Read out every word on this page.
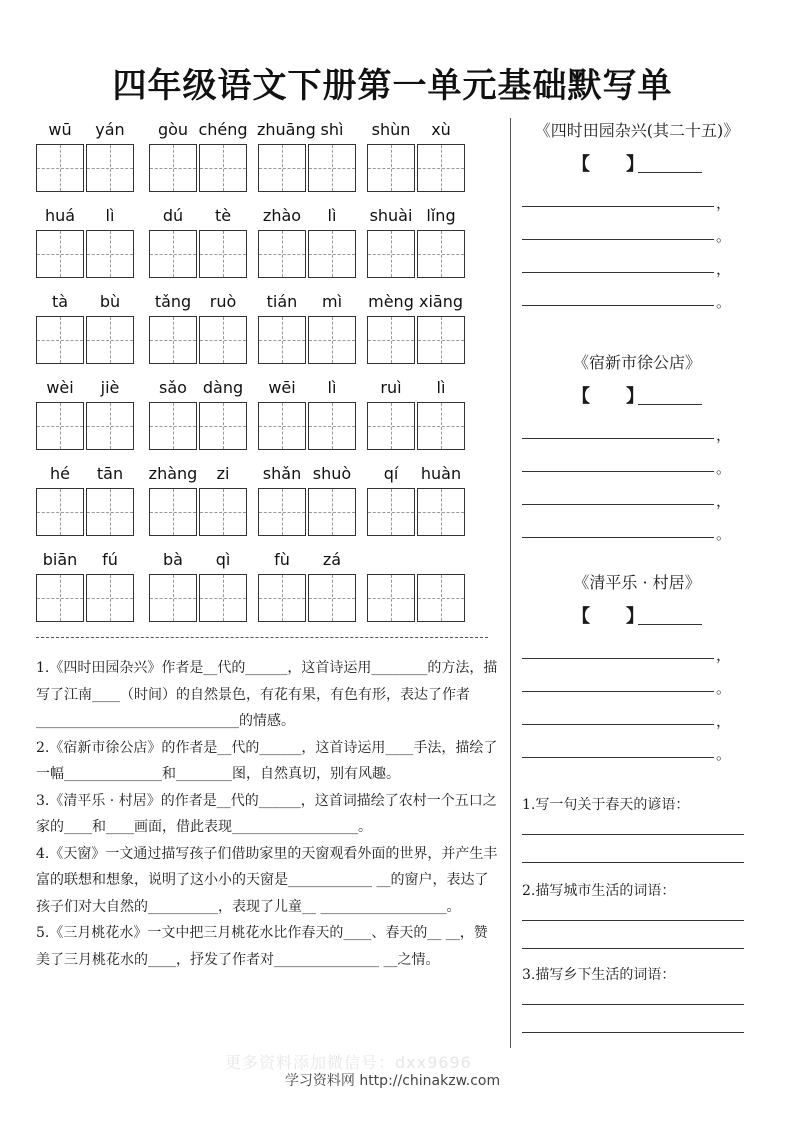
四年级语文下册第一单元基础默写单
wū	yán	gòu chéng zhuāng shì	shùn	xù
huá	lì	dú	tè	zhào	lì	shuài lǐng
tà	bù	tǎng	ruò	tián	mì	mèng xiāng
wèi	jiè	sǎo dàng	wēi	lì	ruì	lì
hé	tān	zhàng	zi	shǎn shuò	qí	huàn
biān	fú	bà	qì	fù	zá

1.《四时田园杂兴》作者是__代的______，这首诗运用________的方法，描写了江南____（时间）的自然景色，有花有果，有色有形，表达了作者_____________________________的情感。

2.《宿新市徐公店》的作者是__代的______，这首诗运用____手法，描绘了一幅______________和________图，自然真切，别有风趣。

3.《清平乐 · 村居》的作者是__代的______，这首词描绘了农村一个五口之家的____和____画面，借此表现__________________。

4.《天窗》一文通过描写孩子们借助家里的天窗观看外面的世界，并产生丰富的联想和想象，说明了这小小的天窗是____________ __的窗户，表达了孩子们对大自然的__________，表现了儿童__ __________________。

5.《三月桃花水》一文中把三月桃花水比作春天的____、春天的__ __，赞美了三月桃花水的____，抒发了作者对_______________ __之情。

《四时田园杂兴(其二十五)》
【　　】
《宿新市徐公店》
【　　】
《清平乐 · 村居》
【　　】
1.写一句关于春天的谚语：
2.描写城市生活的词语：
3.描写乡下生活的词语：
，
。
，
。
，
。
，
。
，
。
，
。
更多资料添加微信号：dxx9696
学习资料网 http://chinakzw.com
